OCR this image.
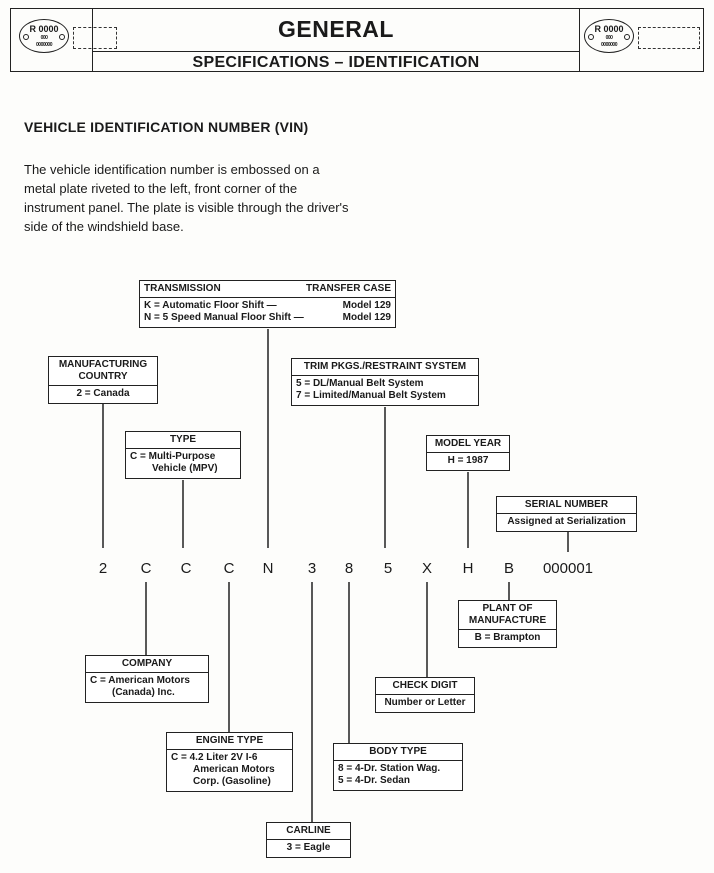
R 0000
000
0000000
GENERAL
SPECIFICATIONS – IDENTIFICATION
R 0000
000
0000000
VEHICLE IDENTIFICATION NUMBER (VIN)
The vehicle identification number is embossed on a metal plate riveted to the left, front corner of the instrument panel. The plate is visible through the driver's side of the windshield base.
2	C	C	C	N	3	8	5	X	H	B	000001
TRANSMISSION	TRANSFER CASE
K = Automatic Floor Shift —	Model 129
N = 5 Speed Manual Floor Shift —	Model 129
MANUFACTURING
COUNTRY
2 = Canada
TRIM PKGS./RESTRAINT SYSTEM
5 = DL/Manual Belt System
7 = Limited/Manual Belt System
TYPE
C = Multi-Purpose
Vehicle (MPV)
MODEL YEAR
H = 1987
SERIAL NUMBER
Assigned at Serialization
PLANT OF
MANUFACTURE
B = Brampton
COMPANY
C = American Motors
(Canada) Inc.
CHECK DIGIT
Number or Letter
ENGINE TYPE
C = 4.2 Liter 2V I-6
American Motors
Corp. (Gasoline)
BODY TYPE
8 = 4-Dr. Station Wag.
5 = 4-Dr. Sedan
CARLINE
3 = Eagle
